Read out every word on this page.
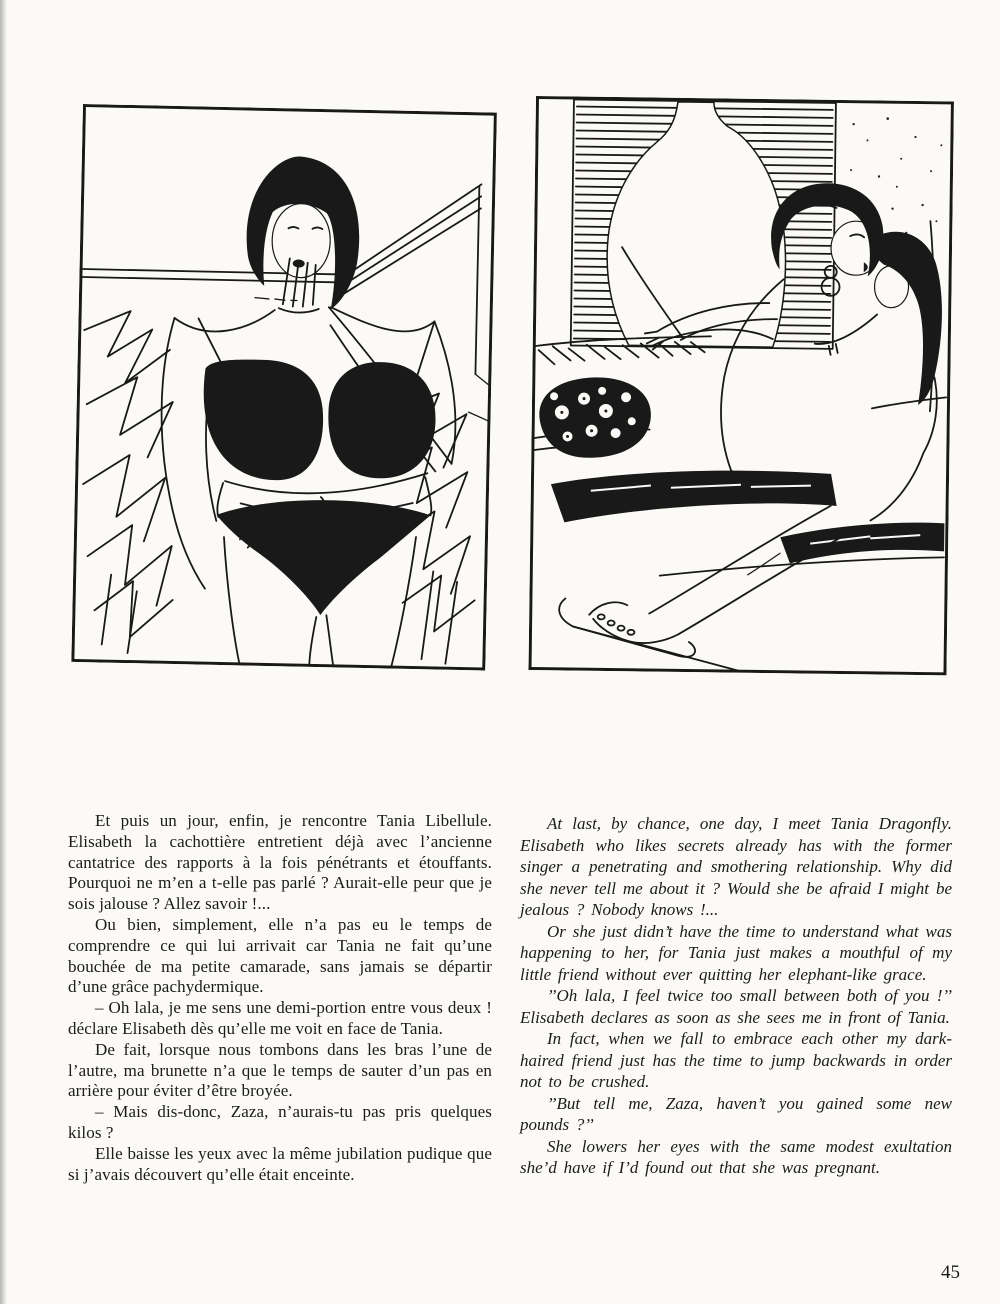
Et puis un jour, enfin, je rencontre Tania Libellule. Elisabeth la cachottière entretient déjà avec l’ancienne cantatrice des rapports à la fois pénétrants et étouffants. Pourquoi ne m’en a t-elle pas parlé ? Aurait-elle peur que je sois jalouse ? Allez savoir !...

Ou bien, simplement, elle n’a pas eu le temps de comprendre ce qui lui arrivait car Tania ne fait qu’une bouchée de ma petite camarade, sans jamais se départir d’une grâce pachydermique.

– Oh lala, je me sens une demi-portion entre vous deux ! déclare Elisabeth dès qu’elle me voit en face de Tania.

De fait, lorsque nous tombons dans les bras l’une de l’autre, ma brunette n’a que le temps de sauter d’un pas en arrière pour éviter d’être broyée.

– Mais dis-donc, Zaza, n’aurais-tu pas pris quelques kilos ?

Elle baisse les yeux avec la même jubilation pudique que si j’avais découvert qu’elle était enceinte.

At last, by chance, one day, I meet Tania Dragonfly. Elisabeth who likes secrets already has with the former singer a penetrating and smothering relationship. Why did she never tell me about it ? Would she be afraid I might be jealous ? Nobody knows !...

Or she just didn’t have the time to understand what was happening to her, for Tania just makes a mouthful of my little friend without ever quitting her elephant-like grace.

’’Oh lala, I feel twice too small between both of you !’’ Elisabeth declares as soon as she sees me in front of Tania.

In fact, when we fall to embrace each other my dark-haired friend just has the time to jump backwards in order not to be crushed.

’’But tell me, Zaza, haven’t you gained some new pounds ?’’

She lowers her eyes with the same modest exultation she’d have if I’d found out that she was pregnant.

45
